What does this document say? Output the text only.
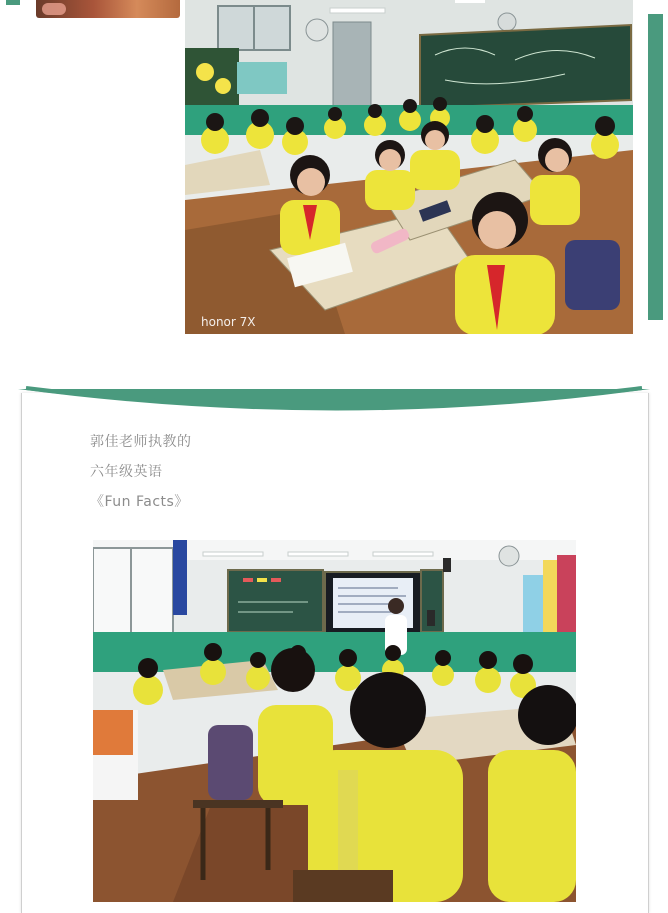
honor 7X
郭佳老师执教的
六年级英语
《Fun Facts》
